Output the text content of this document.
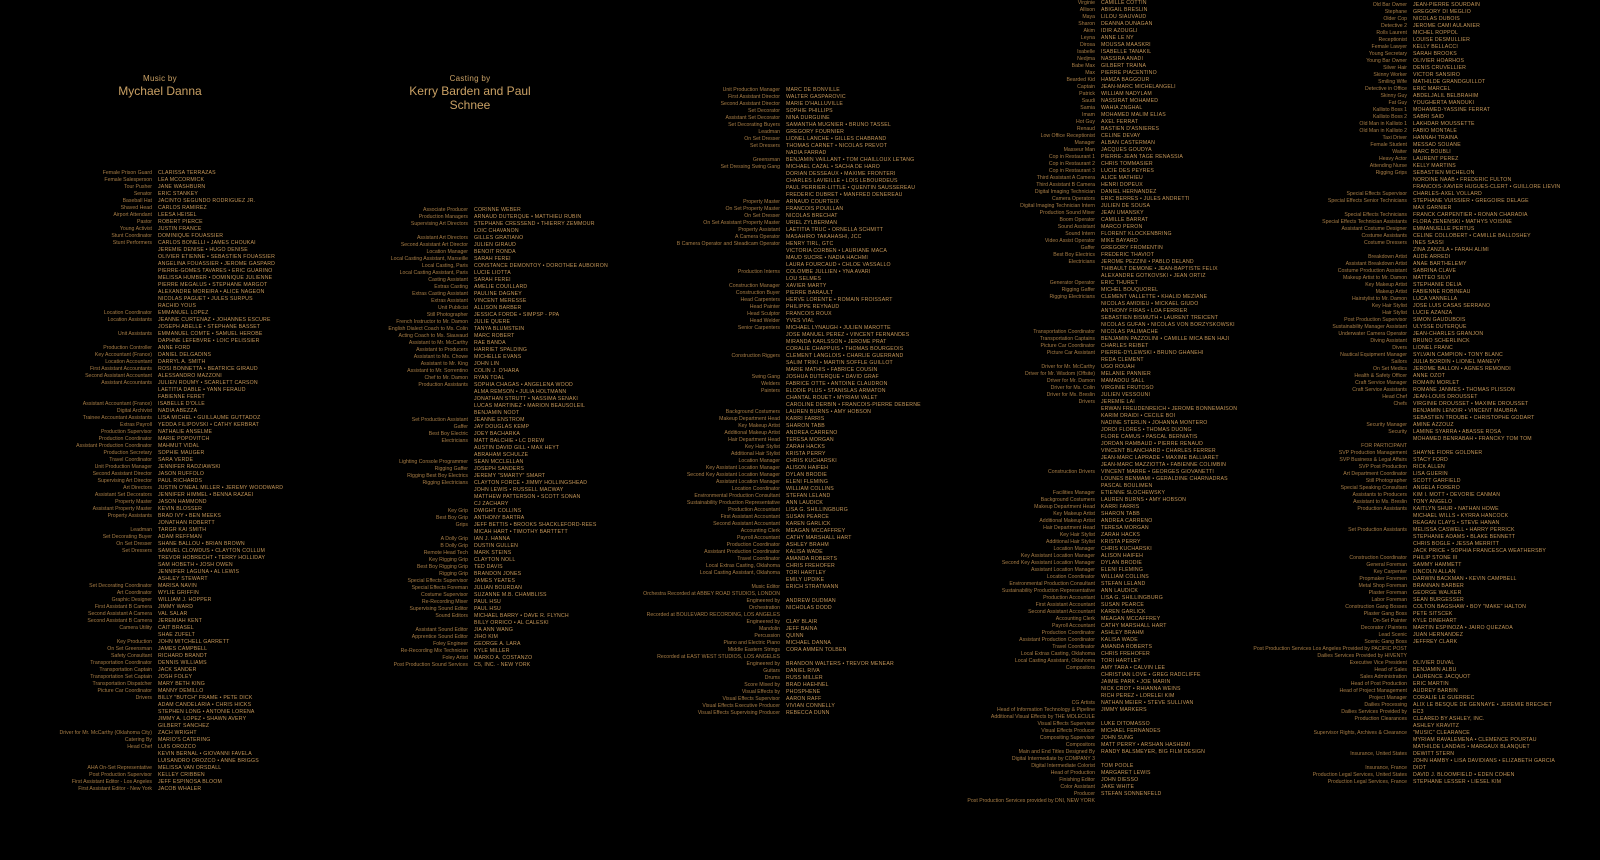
Music by
Mychael Danna
Casting by
Kerry Barden and Paul Schnee
Female Prison Guard	CLARISSA TERRAZAS
Female Salesperson	LEA MCCORMICK
Tour Pusher	JANE WASHBURN
Senator	ERIC STANKEY
Baseball Hat	JACINTO SEGUNDO RODRIGUEZ JR.
Shaved Head	CARLOS RAMIREZ
Airport Attendant	LEESA HEISEL
Pastor	ROBERT PIERCE
Young Activist	JUSTIN FRANCE
Stunt Coordinator	DOMINIQUE FOUASSIER
Stunt Performers	CARLOS BONELLI • JAMES CHOUKAI
JEREMIE DENISE • HUGO DENISE
OLIVIER ETIENNE • SEBASTIEN FOUASSIER
ANGELINA FOUASSIER • JEROME GASPARD
PIERRE-GOMES TAVARES • ERIC GUARINO
MELISSA HUMBER • DOMINIQUE JULIENNE
PIERRE MEGALUS • STEPHANE MARGOT
ALEXANDRE MOREIRA • ALICE NAGEON
NICOLAS PAGUET • JULES SURPUS
RACHID YOUS
Location Coordinator	EMMANUEL LOPEZ
Location Assistants	JEANNE CURTENAZ • JOHANNES ESCURE
JOSEPH ABELLE • STEPHANE BASSET
Unit Assistants	EMMANUEL COMTE • SAMUEL HEROBE
DAPHNE LEFEBVRE • LOIC PELISSIER
Production Controller	ANNE FORD
Key Accountant (France)	DANIEL DELGADINS
Location Accountant	DARRYL A. SMITH
First Assistant Accountants	ROSI BONNETTA • BEATRICE GIRAUD
Second Assistant Accountant	ALESSANDRO MAZZONI
Assistant Accountants	JULIEN ROUMY • SCARLETT CARSON
LAETITIA DABLE • YANN FERAUD
FABIENNE FERET
Assistant Accountant (France)	ISABELLE D'OLLE
Digital Archivist	NADIA ABEZZA
Trainee Accountant Assistants	LISA MICHEL • GUILLAUME GUTTADOZ
Extras Payroll	YEDDA FILIPOVSKI • CATHY KERBRAT
Production Supervisor	NATHALIE ANSELME
Production Coordinator	MARIE POPOVITCH
Assistant Production Coordinator	MAHMUT VIDAL
Production Secretary	SOPHIE MAUGER
Travel Coordinator	SARA VERDE
Unit Production Manager	JENNIFER RADZIAWSKI
Second Assistant Director	JASON RUFFOLO
Supervising Art Director	PAUL RICHARDS
Art Directors	JUSTIN O'NEAL MILLER • JEREMY WOODWARD
Assistant Set Decorators	JENNIFER HIMMEL • BENNA RAZAEI
Property Master	JASON HAMMOND
Assistant Property Master	KEVIN BLOSSER
Property Assistants	BRAD IVY • BEN MEEKS
JONATHAN ROBERTT
Leadman	TARGR KAI SMITH
Set Decorating Buyer	ADAM REFFMAN
On Set Dresser	SHANE BALLOU • BRIAN BROWN
Set Dressers	SAMUEL CLOWDUS • CLAYTON COLLUM
TREVOR HOBRECHT • TERRY HOLLIDAY
SAM HOBETH • JOSH OWEN
JENNIFER LAGUNA • AL LEWIS
ASHLEY STEWART
Set Decorating Coordinator	MARISA NAVIN
Art Coordinator	WYLIE GRIFFIN
Graphic Designer	WILLIAM J. HOPPER
First Assistant B Camera	JIMMY WARD
Second Assistant A Camera	VAL SALAR
Second Assistant B Camera	JEREMIAH KENT
Camera Utility	CAIT BRASEL
SHAE ZUFELT
Key Production	JOHN MITCHELL GARRETT
On Set Greensman	JAMES CAMPBELL
Safety Consultant	RICHARD BRANDT
Transportation Coordinator	DENNIS WILLIAMS
Transportation Captain	JACK SANDER
Transportation Set Captain	JOSH FOLEY
Transportation Dispatcher	MARY BETH KING
Picture Car Coordinator	MANNY DEMILLO
Drivers	BILLY "BUTCH" FRAME • PETE DICK
ADAM CANDELARIA • CHRIS HICKS
STEPHEN LONG • ANTONIE LORENA
JIMMY A. LOPEZ • SHAWN AVERY
GILBERT SANCHEZ
Driver for Mr. McCarthy (Oklahoma City)	ZACH WRIGHT
Catering By	MARIO'S CATERING
Head Chef	LUIS OROZCO
KEVIN BERNAL • GIOVANNI FAVELA
LUISANDRO OROZCO • ANNE BRIGGS
AHA On-Set Representative	MELISSA VAN ORSDALL
Post Production Supervisor	KELLEY CRIBBEN
First Assistant Editor - Los Angeles	JEFF ESPINOSA BLOOM
First Assistant Editor - New York	JACOB WHALER
Associate Producer	CORINNE WEBER
Production Managers	ARNAUD DUTERQUE • MATTHIEU RUBIN
Supervising Art Directors	STEPHANE CRESSEND • THIERRY ZEMMOUR
LOIC CHAVANON
Assistant Art Directors	GILLES GRATIANO
Second Assistant Art Director	JULIEN GIRAUD
Location Manager	BENOIT RONDA
Local Casting Assistant, Marseille	SARAH FEREI
Local Casting, Paris	CONSTANCE DEMONTOY • DOROTHEE AUBOIRON
Local Casting Assistant, Paris	LUCIE LIOTTA
Casting Assistant	SARAH FEREI
Extras Casting	AMELIE COUILLARD
Extras Casting Assistant	PAULINE DAGNEY
Extras Assistant	VINCENT MERESSE
Unit Publicist	ALLISON BARBER
Still Photographer	JESSICA FORDE • SIMPSP - PPA
French Instructor to Mr. Damon	JULIE QUERE
English Dialect Coach to Ms. Colin	TANYA BLUMSTEIN
Acting Coach to Ms. Siauvaud	MARC ROBERT
Assistant to Mr. McCarthy	RAE BANDA
Assistant to Producers	HARRIET SPALDING
Assistant to Ms. Chowe	MICHELLE EVANS
Assistant to Mr. King	JOHN LIN
Assistant to Mr. Sorrentino	COLIN J. O'HARA
Chef to Mr. Damon	RYAN TOAL
Production Assistants	SOPHIA CHAGAS • ANGELENA WOOD
ALMA REMSON • JULIA HOLTMANN
JONATHAN STRUTT • NASSIMA SENAKI
LUCAS MARTINEZ • MARION BEAUSOLEIL
BENJAMIN NOOT
Set Production Assistant	JEANNE ENSTROM
Gaffer	JAY DOUGLAS KEMP
Best Boy Electric	JOEY BACHARKA
Electricians	MATT BALCHIE • LC DREW
AUSTIN DAVID GILL • MAX HEYT
ABRAHAM SCHULZE
Lighting Console Programmer	SEAN MCCLELLAN
Rigging Gaffer	JOSEPH SANDERS
Rigging Best Boy Electrics	JEREMY "SMARTY" SMART
Rigging Electricians	CLAYTON FORCE • JIMMY HOLLINGSHEAD
JOHN LEWIS • RUSSELL MACWAY
MATTHEW PATTERSON • SCOTT SONAN
CJ ZACHARY
Key Grip	DWIGHT COLLINS
Best Boy Grip	ANTHONY BARTRA
Grips	JEFF BETTIS • BROOKS SHACKLEFORD-REES
MICAH HART • TIMOTHY BARTTETT
A Dolly Grip	IAN J. HANNA
B Dolly Grip	DUSTIN GULLEN
Remote Head Tech	MARK STEINS
Key Rigging Grip	CLAYTON NOLL
Best Boy Rigging Grip	TED DAVIS
Rigging Grip	BRANDON JONES
Special Effects Supervisor	JAMES YEATES
Special Effects Foreman	JULIAN BOURDAN
Costume Supervisor	SUZANNE M.B. CHAMBLISS
Re-Recording Mixer	PAUL HSU
Supervising Sound Editor	PAUL HSU
Sound Editors	MICHAEL BARRY • DAVE R. FLYNCH
BILLY ORRICO • AL CALESKI
Assistant Sound Editor	JIA ANN WANG
Apprentice Sound Editor	JIHO KIM
Foley Engineer	GEORGE A. LARA
Re-Recording Mix Technician	KYLE MILLER
Foley Artist	MARKO A. COSTANZO
Post Production Sound Services	C5, INC. - NEW YORK
Unit Production Manager	MARC DE BONVILLE
First Assistant Director	WALTER GASPAROVIC
Second Assistant Director	MARIE D'HALLUVILLE
Set Decorator	SOPHIE PHILLIPS
Assistant Set Decorator	NINA DURGUINE
Set Decorating Buyers	SAMANTHA MUGNIER • BRUNO TASSEL
Leadman	GREGORY FOURNIER
On Set Dresser	LIONEL LANCHE • GILLES CHABRAND
Set Dressers	THOMAS CARNET • NICOLAS PREVOT
NADIA FARRAD
Greensman	BENJAMIN VAILLANT • TOM CHAILLOUX LETANG
Set Dressing Swing Gang	MICHAEL CAZAL • SACHA DE HARO
DORIAN DESSEAUX • MAXIME FRONTERI
CHARLES LAVIEILLE • LOIS LEBOURDEUS
PAUL PERRIER-LITTLE • QUENTIN SAUSSEREAU
FREDERIC DUBRET • MANFRED DENEREAU
Property Master	ARNAUD COURTEIX
On Set Property Master	FRANCOIS POUILLAN
On Set Dresser	NICOLAS BRECHAT
On Set Assistant Property Master	URIEL ZYLBERMAN
Property Assistant	LAETITIA TRUC • ORNELLA SCHMITT
A Camera Operator	MASAHIRO TAKAHASHI, JCC
B Camera Operator and Steadicam Operator	HENRY TIRL, GTC
VICTORIA CORBEN • LAURIANE MACA
MAUD SUCRE • NADIA HACHMI
LAURA FOURCAUD • CHLOE VASSALLO
Production Interns	COLOMBE JULLIEN • YNA AVARI
LOU SELMES
Construction Manager	XAVIER MARTY
Construction Buyer	PIERRE BARAULT
Head Carpenters	HERVE LORENTE • ROMAIN FROISSART
Head Painter	PHILIPPE REYNAUD
Head Sculptor	FRANCOIS ROUX
Head Welder	YVES VIAL
Senior Carpenters	MICHAEL LYNAUGH • JULIEN MAROTTE
JOSE MANUEL PEREZ • VINCENT FERNANDES
MIRANDA KARLSSON • JEROME PRAT
CORALIE CHAPPUIS • THOMAS BOURGEOIS
Construction Riggers	CLEMENT LANGLOIS • CHARLIE GUERRAND
SALIM TRIKI • MARTIN SOFFLE GUILLOT
MARIE MATHIS • FABRICE COUSIN
Swing Gang	JOSHUA DUTERQUE • DAVID GRAF
Welders	FABRICE OTTE • ANTOINE CLAUDRON
Painters	ELODIE PLUS • STANISLAS ARMATON
CHANTAL ROUET • MYRIAM VALET
CAROLINE DERBIN • FRANCOIS-PIERRE DEBERNE
Background Costumers	LAUREN BURNS • AMY HOBSON
Makeup Department Head	KARRI FARRIS
Key Makeup Artist	SHARON TABB
Additional Makeup Artist	ANDREA CARRENO
Hair Department Head	TERESA MORGAN
Key Hair Stylist	ZARAH HACKS
Additional Hair Stylist	KRISTA PERRY
Location Manager	CHRIS KUCHARSKI
Key Assistant Location Manager	ALISON HAIFEH
Second Key Assistant Location Manager	DYLAN BRODIE
Assistant Location Manager	ELENI FLEMING
Location Coordinator	WILLIAM COLLINS
Environmental Production Consultant	STEFAN LELAND
Sustainability Production Representative	ANN LAUDICK
Production Accountant	LISA G. SHILLINGBURG
First Assistant Accountant	SUSAN PEARCE
Second Assistant Accountant	KAREN GARLICK
Accounting Clerk	MEAGAN MCCAFFREY
Payroll Accountant	CATHY MARSHALL HART
Production Coordinator	ASHLEY BRAHM
Assistant Production Coordinator	KALISA WADE
Travel Coordinator	AMANDA ROBERTS
Local Extras Casting, Oklahoma	CHRIS FREHOFER
Local Casting Assistant, Oklahoma	TORI HARTLEY
EMILY UPDIKE
Music Editor	ERICH STRATMANN
Orchestra Recorded at ABBEY ROAD STUDIOS, LONDON
Engineered by	ANDREW DUDMAN
Orchestration	NICHOLAS DODD
Recorded at BOULEVARD RECORDING, LOS ANGELES
Engineered by	CLAY BLAIR
Mandolin	JEFF BAINA
Percussion	QUINN
Piano and Electric Piano	MICHAEL DANNA
Middle Eastern Strings	CORA AMMEN TOLBEN
Recorded at EAST WEST STUDIOS, LOS ANGELES
Engineered by	BRANDON WALTERS • TREVOR MENEAR
Guitars	DANIEL RIVA
Drums	RUSS MILLER
Score Mixed by	BRAD HAEHNEL
Visual Effects by	PHOSPHENE
Visual Effects Supervisor	AARON RAFF
Visual Effects Executive Producer	VIVIAN CONNELLY
Visual Effects Supervising Producer	REBECCA DUNN
Virginie	CAMILLE COTTIN
Allison	ABIGAIL BRESLIN
Maya	LILOU SIAUVAUD
Sharon	DEANNA DUNAGAN
Akim	IDIR AZOUGLI
Leyna	ANNE LE NY
Dirosa	MOUSSA MAASKRI
Isabelle	ISABELLE TANAKIL
Nedjma	NASSIRA ANADI
Babe Max	GILBERT TRAINA
Max	PIERRE PIACENTINO
Bearded Kid	HAMZA BAGGOUR
Captain	JEAN-MARC MICHELANGELI
Patrick	WILLIAM NADYLAM
Saudi	NASSIRAT MOHAMED
Samia	WAHIA ZNGHAL
Imam	MOHAMED MALIM ELIAS
Hot Guy	AXEL FERRAT
Renaud	BASTIEN D'ASNIERES
Low Office Receptionist	CELINE DEVAY
Manager	ALBAN CASTERMAN
Masseur Man	JACQUES GOUDYA
Cop in Restaurant 1	PIERRE-JEAN TAGE RENASSIA
Cop in Restaurant 2	CHRIS TOMMASIER
Cop in Restaurant 3	LUCIE DES PEYRES
Third Assistant A Camera	ALICE MATHIEU
Third Assistant B Camera	HENRI DOPEUX
Digital Imaging Technician	DANIEL HERNANDEZ
Camera Operators	ERIC BERRES • JULES ANDRETTI
Digital Imaging Technician Intern	JULIEN DE SOUSA
Production Sound Mixer	JEAN UMANSKY
Boom Operator	CAMILLE BARRAT
Sound Assistant	MARCO PERON
Sound Intern	FLORENT KLOCKENBRING
Video Assist Operator	MIKE BAYARD
Gaffer	GREGORY FROMENTIN
Best Boy Electrics	FREDERIC THAVIOT
Electricians	JEROME PEZZINI • PABLO DELAND
THIBAULT DEMONE • JEAN-BAPTISTE FELIX
ALEXANDRE GOTKOVSKI • JEAN ORTIZ
Generator Operator	ERIC THURET
Rigging Gaffer	MICHEL BOUQUOREL
Rigging Electricians	CLEMENT VALLETTE • KHALID MEZIANE
NICOLAS AMIDIEU • MICKAEL GIUDO
ANTHONY FIRAS • LOA FERRIER
SEBASTIEN BISMUTH • LAURENT TREICENT
NICOLAS GUFAN • NICOLAS VON BORZYSKOWSKI
Transportation Coordinator	NICOLAS PALIMACHE
Transportation Captains	BENJAMIN PAZZOLINI • CAMILLE MICA BEN HAJI
Picture Car Coordinator	CHARLES REIBET
Picture Car Assistant	PIERRE-DYLEWSKI • BRUNO GHANEHI
REDA CLEMENT
Driver for Mr. McCarthy	UGO ROUAH
Driver for Mr. Wisdom (Offsite)	MELANIE PANNIER
Driver for Mr. Damon	MAMADOU SALL
Driver for Ms. Colin	VIRGINIE FRUTOSO
Driver for Ms. Breslin	JULIEN VESSOUNI
Drivers	JEREMIE LAI
ERWAN FREUDENREICH • JEROME BONNEMAISON
KARIM DRAIDI • CECILE BOI
NADINE STERLIN • JOHANNA MONTERO
JORDI FLORES • THOMAS DUONG
FLORE CAMUS • PASCAL BERNIATIS
JORDAN RAMBAUD • PIERRE RENAUD
VINCENT BLANCHARD • CHARLES FERRER
JEAN-MARC LAPRADE • MAXIME BALLIARET
JEAN-MARC MAZZIOTTA • FABIENNE COLIMBIN
Construction Drivers	VINCENT MARRE • GEORGES GIOVANETTI
LOUNES BENMAMI • GERALDINE CHARNADRAS
PASCAL BOULIMEN
Facilities Manager	ETIENNE SLOCHEWSKY
Background Costumers	LAUREN BURNS • AMY HOBSON
Makeup Department Head	KARRI FARRIS
Key Makeup Artist	SHARON TABB
Additional Makeup Artist	ANDREA CARRENO
Hair Department Head	TERESA MORGAN
Key Hair Stylist	ZARAH HACKS
Additional Hair Stylist	KRISTA PERRY
Location Manager	CHRIS KUCHARSKI
Key Assistant Location Manager	ALISON HAIFEH
Second Key Assistant Location Manager	DYLAN BRODIE
Assistant Location Manager	ELENI FLEMING
Location Coordinator	WILLIAM COLLINS
Environmental Production Consultant	STEFAN LELAND
Sustainability Production Representative	ANN LAUDICK
Production Accountant	LISA G. SHILLINGBURG
First Assistant Accountant	SUSAN PEARCE
Second Assistant Accountant	KAREN GARLICK
Accounting Clerk	MEAGAN MCCAFFREY
Payroll Accountant	CATHY MARSHALL HART
Production Coordinator	ASHLEY BRAHM
Assistant Production Coordinator	KALISA WADE
Travel Coordinator	AMANDA ROBERTS
Local Extras Casting, Oklahoma	CHRIS FREHOFER
Local Casting Assistant, Oklahoma	TORI HARTLEY
Compositors	AMY TARA • CALVIN LEE
CHRISTIAN LOVE • GREG RADCLIFFE
JAIMIE PARK • JOE MARIN
NICK CROT • RHIANNA WEINS
RICH PEREZ • LORELEI KIM
CG Artists	NATHAN MEIER • STEVE SULLIVAN
Head of Information Technology & Pipeline	JIMMY MARKERS
Additional Visual Effects by THE MOLECULE
Visual Effects Supervisor	LUKE DITOMASSO
Visual Effects Producer	MICHAEL FERNANDES
Compositing Supervisor	JOHN SUNG
Compositors	MATT PERRY • ARSHAN HASHEMI
Main and End Titles Designed By	RANDY BALSMEYER, BIG FILM DESIGN
Digital Intermediate by COMPANY 3
Digital Intermediate Colorist	TOM POOLE
Head of Production	MARGARET LEWIS
Finishing Editor	JOHN DIESSO
Color Assistant	JAKE WHITE
Producer	STEFAN SONNENFELD
Post Production Services provided by DNI, NEW YORK
Old Bar Owner	JEAN-PIERRE SOURDAIN
Stephane	GREGORY DI MEGLIO
Older Cop	NICOLAS DUBOIS
Detective 2	JEROME CAMI AULANIER
Rolls Laurent	MICHEL ROPPOL
Receptionist	LOUISE DESMULLIER
Female Lawyer	KELLY BELLACCI
Young Secretary	SARAH BROOKS
Young Bar Owner	OLIVIER HOARHOS
Silver Hair	DENIS CRUVELLIER
Skinny Worker	VICTOR SANSIRO
Smiling Wife	MATHILDE GRANDGUILLOT
Detective in Office	ERIC MARCEL
Skinny Guy	ABDELJALIL BELBRAHIM
Fat Guy	YOUGHERTA MANOUKI
Kallisto Boss 1	MOHAMED-YASSINE FERRAT
Kallisto Boss 2	SABRI SAID
Old Man in Kallisto 1	LAKHDAR MOUSSETTE
Old Man in Kallisto 2	FABIO MONTALE
Taxi Driver	HANNAH TRAINA
Female Student	MESSAD SOUANE
Waiter	MARC BOUBLI
Heavy Actor	LAURENT PEREZ
Attending Nurse	KELLY MARTINS
Rigging Grips	SEBASTIEN MICHELON
NORDINE NAAB • FREDERIC FULTON
FRANCOIS-XAVIER HUGUES-CLERT • GUILLORE LIEVIN
Special Effects Supervisor	CHARLES-AXEL VOLLARD
Special Effects Senior Technicians	STEPHANE VUISSIER • GREGOIRE DELAGE
MAX GARNIER
Special Effects Technicians	FRANCK CARPENTIER • RONAN CHARADIA
Special Effects Technician Assistants	FLORA ZENENSKI • MATHYS VOISINE
Assistant Costume Designer	EMMANUELLE PERTUS
Costume Assistants	CELINE COLLOBERT • CAMILLE BALLOSHEY
Costume Dressers	INES SASSI
ZINA ZANZILA • FARAH ALIMI
Breakdown Artist	AUDE ARREDI
Assistant Breakdown Artist	ANAE BARTHELEMY
Costume Production Assistant	SABRINA CLAVE
Makeup Artist to Mr. Damon	MATTEO SILVI
Key Makeup Artist	STEPHANIE DELIA
Makeup Artist	FABIENNE ROBINEAU
Hairstylist to Mr. Damon	LUCA VANNELLA
Key Hair Stylist	JOSE LUIS CASAS SERRANO
Hair Stylist	LUCIE AZANZA
Post Production Supervisor	SIMON GAUDUBOIS
Sustainability Manager Assistant	ULYSSE DUTERQUE
Underwater Camera Operator	JEAN-CHARLES GRANJON
Diving Assistant	BRUNO SCHERLINCK
Divers	LIONEL FRANC
Nautical Equipment Manager	SYLVAIN CAMPION • TONY BLANC
Sailors	JULIA BORDIN • LIONEL MANEVY
On Set Medics	JEROME BALLON • AGNES REMONDI
Health & Safety Officer	ANNE OZOT
Craft Service Manager	ROMAIN MORLET
Craft Service Assistants	ROMANE JANMES • THOMAS PLISSON
Head Chef	JEAN-LOUIS DROUSSET
Chefs	VIRGINIE DROUSSET • MAXIME DROUSSET
BENJAMIN LENOIR • VINCENT MAUBRA
SEBASTIEN TROUBE • CHRISTOPHE GODART
Security Manager	AMINE AZZOUZ
Security	LAMINE SYARRA • ABASSE ROSA
MOHAMED BENRABAH • FRANCKY TOM TOM
FOR PARTICIPANT
SVP Production Management	SHAYNE FIORE GOLDNER
SVP Business & Legal Affairs	STACY FORD
SVP Post Production	RICK ALLEN
Art Department Coordinator	LISA GUERIN
Still Photographer	SCOTT GARFIELD
Special Speaking Consultant	ANGELA FORERO
Assistants to Producers	KIM I. MOTT • DEVORIE CANMAN
Assistant to Ms. Breslin	TONY ANGELO
Production Assistants	KAITLYN SHUR • NATHAN HOWE
MICHAEL WILLS • KYRRA HANCOCK
REAGAN CLAYS • STEVE HANAN
Set Production Assistants	MELISSA CASWELL • HARRY PERRICK
STEPHANIE ADAMS • BLAKE BENNETT
CHRIS BOGLE • JESSA MERRITT
JACK PRICE • SOPHIA FRANCESCA WEATHERSBY
Construction Coordinator	PHILIP STONE III
General Foreman	SAMMY HAMMETT
Key Carpenter	LINCOLN ALLAN
Propmaker Foremen	DARWIN BACKMAN • KEVIN CAMPBELL
Metal Shop Foreman	BRANNAN BARBER
Plaster Foreman	GEORGE WALKER
Labor Foreman	SEAN BURGESSER
Construction Gang Bosses	COLTON BAGSHAW • BOY "MAKE" HALTON
Plaster Gang Boss	PETE SITSCEK
On-Set Painter	KYLE DINEHART
Decorator / Painters	MARTIN ESPINOZA • JAIRO QUEZADA
Lead Scenic	JUAN HERNANDEZ
Scenic Gang Boss	JEFFREY CLARK
Post Production Services Los Angeles Provided by PACIFIC POST
Dailies Services Provided by HIVENTY
Executive Vice President	OLIVIER DUVAL
Head of Sales	BENJAMIN ALBU
Sales Administration	LAURENCE JACQUOT
Head of Post Production	ERIC MARTIN
Head of Project Management	AUDREY BARBIN
Project Manager	CORALIE LE GUERREC
Dailies Processing	ALIX LE BESQUE DE GENNAYE • JEREMIE BRECHET
Dailies Services Provided by	EC3
Production Clearances	CLEARED BY ASHLEY, INC.
ASHLEY KRAVITZ
Supervisor Rights, Archives & Clearance	"MUSIC" CLEARANCE
MYRIAM RAVALEMENA • CLEMENCE POURTAU
MATHILDE LANDAIS • MARGAUX BLANQUET
Insurance, United States	DEWITT STERN
JOHN HAMBY • LISA DAVIDIANS • ELIZABETH GARCIA
Insurance, France	DIOT
Production Legal Services, United States	DAVID J. BLOOMFIELD • EDEN COHEN
Production Legal Services, France	STEPHANE LESSER • LIESEL KIM
